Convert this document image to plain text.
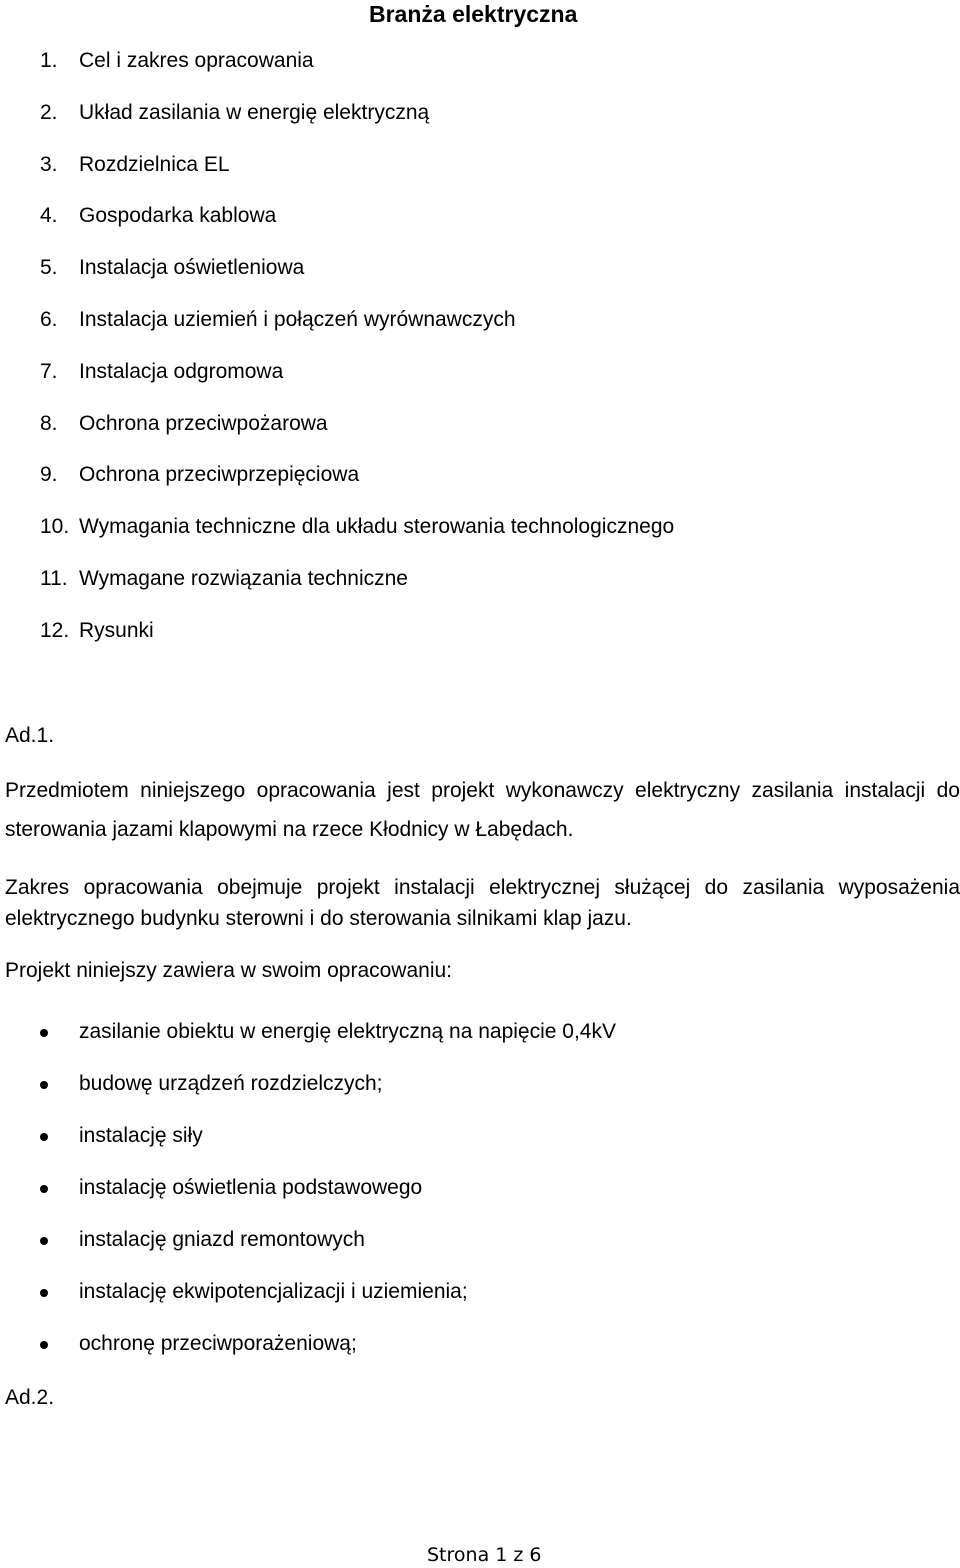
Branża elektryczna
1. Cel i zakres opracowania
2. Układ zasilania w energię elektryczną
3. Rozdzielnica EL
4. Gospodarka kablowa
5. Instalacja oświetleniowa
6. Instalacja uziemień i połączeń wyrównawczych
7. Instalacja odgromowa
8. Ochrona przeciwpożarowa
9. Ochrona przeciwprzepięciowa
10. Wymagania techniczne dla układu sterowania technologicznego
11. Wymagane rozwiązania techniczne
12. Rysunki
Ad.1.
Przedmiotem niniejszego opracowania jest projekt wykonawczy elektryczny zasilania instalacji do sterowania jazami klapowymi na rzece Kłodnicy w Łabędach.
Zakres opracowania obejmuje projekt instalacji elektrycznej służącej do zasilania wyposażenia elektrycznego budynku sterowni i do sterowania silnikami klap jazu.
Projekt niniejszy zawiera w swoim opracowaniu:
zasilanie obiektu w energię elektryczną na napięcie 0,4kV
budowę urządzeń rozdzielczych;
instalację siły
instalację oświetlenia podstawowego
instalację gniazd remontowych
instalację ekwipotencjalizacji i uziemienia;
ochronę przeciwporażeniową;
Ad.2.
Strona 1 z 6
